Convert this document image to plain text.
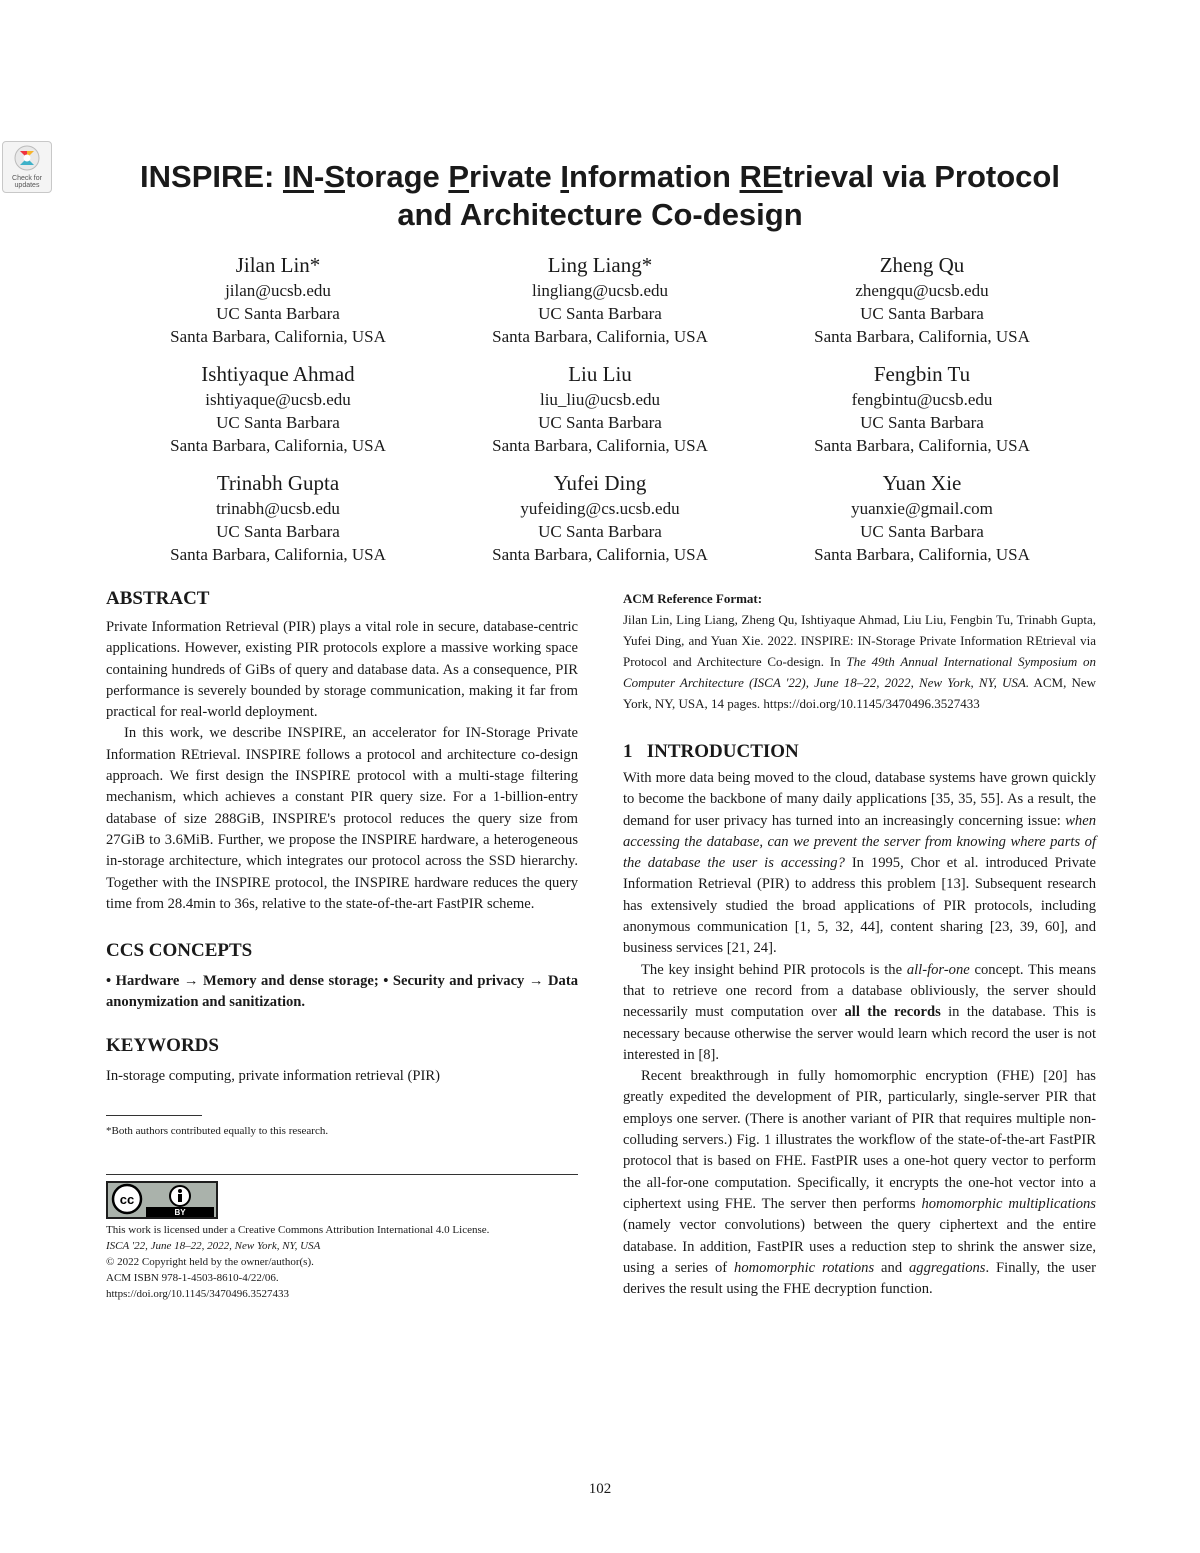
Check for updates	INSPIRE: IN-Storage Private Information REtrieval via Protocol
and Architecture Co-design
Jilan Lin*
jilan@ucsb.edu
UC Santa Barbara
Santa Barbara, California, USA
Ling Liang*
lingliang@ucsb.edu
UC Santa Barbara
Santa Barbara, California, USA
Zheng Qu
zhengqu@ucsb.edu
UC Santa Barbara
Santa Barbara, California, USA
Ishtiyaque Ahmad
ishtiyaque@ucsb.edu
UC Santa Barbara
Santa Barbara, California, USA
Liu Liu
liu_liu@ucsb.edu
UC Santa Barbara
Santa Barbara, California, USA
Fengbin Tu
fengbintu@ucsb.edu
UC Santa Barbara
Santa Barbara, California, USA
Trinabh Gupta
trinabh@ucsb.edu
UC Santa Barbara
Santa Barbara, California, USA
Yufei Ding
yufeiding@cs.ucsb.edu
UC Santa Barbara
Santa Barbara, California, USA
Yuan Xie
yuanxie@gmail.com
UC Santa Barbara
Santa Barbara, California, USA
ABSTRACT

Private Information Retrieval (PIR) plays a vital role in secure, database-centric applications. However, existing PIR protocols explore a massive working space containing hundreds of GiBs of query and database data. As a consequence, PIR performance is severely bounded by storage communication, making it far from practical for real-world deployment.

In this work, we describe INSPIRE, an accelerator for IN-Storage Private Information REtrieval. INSPIRE follows a protocol and architecture co-design approach. We first design the INSPIRE protocol with a multi-stage filtering mechanism, which achieves a constant PIR query size. For a 1-billion-entry database of size 288GiB, INSPIRE's protocol reduces the query size from 27GiB to 3.6MiB. Further, we propose the INSPIRE hardware, a heterogeneous in-storage architecture, which integrates our protocol across the SSD hierarchy. Together with the INSPIRE protocol, the INSPIRE hardware reduces the query time from 28.4min to 36s, relative to the state-of-the-art FastPIR scheme.

CCS CONCEPTS

• Hardware → Memory and dense storage; • Security and privacy → Data anonymization and sanitization.

KEYWORDS

In-storage computing, private information retrieval (PIR)

*Both authors contributed equally to this research.
cc
BY
This work is licensed under a Creative Commons Attribution International 4.0 License.
ISCA '22, June 18–22, 2022, New York, NY, USA
© 2022 Copyright held by the owner/author(s).
ACM ISBN 978-1-4503-8610-4/22/06.
https://doi.org/10.1145/3470496.3527433
ACM Reference Format:

Jilan Lin, Ling Liang, Zheng Qu, Ishtiyaque Ahmad, Liu Liu, Fengbin Tu, Trinabh Gupta, Yufei Ding, and Yuan Xie. 2022. INSPIRE: IN-Storage Private Information REtrieval via Protocol and Architecture Co-design. In The 49th Annual International Symposium on Computer Architecture (ISCA '22), June 18–22, 2022, New York, NY, USA. ACM, New York, NY, USA, 14 pages. https://doi.org/10.1145/3470496.3527433

1   INTRODUCTION

With more data being moved to the cloud, database systems have grown quickly to become the backbone of many daily applications [35, 35, 55]. As a result, the demand for user privacy has turned into an increasingly concerning issue: when accessing the database, can we prevent the server from knowing where parts of the database the user is accessing? In 1995, Chor et al. introduced Private Information Retrieval (PIR) to address this problem [13]. Subsequent research has extensively studied the broad applications of PIR protocols, including anonymous communication [1, 5, 32, 44], content sharing [23, 39, 60], and business services [21, 24].

The key insight behind PIR protocols is the all-for-one concept. This means that to retrieve one record from a database obliviously, the server should necessarily must computation over all the records in the database. This is necessary because otherwise the server would learn which record the user is not interested in [8].

Recent breakthrough in fully homomorphic encryption (FHE) [20] has greatly expedited the development of PIR, particularly, single-server PIR that employs one server. (There is another variant of PIR that requires multiple non-colluding servers.) Fig. 1 illustrates the workflow of the state-of-the-art FastPIR protocol that is based on FHE. FastPIR uses a one-hot query vector to perform the all-for-one computation. Specifically, it encrypts the one-hot vector into a ciphertext using FHE. The server then performs homomorphic multiplications (namely vector convolutions) between the query ciphertext and the entire database. In addition, FastPIR uses a reduction step to shrink the answer size, using a series of homomorphic rotations and aggregations. Finally, the user derives the result using the FHE decryption function.

102
